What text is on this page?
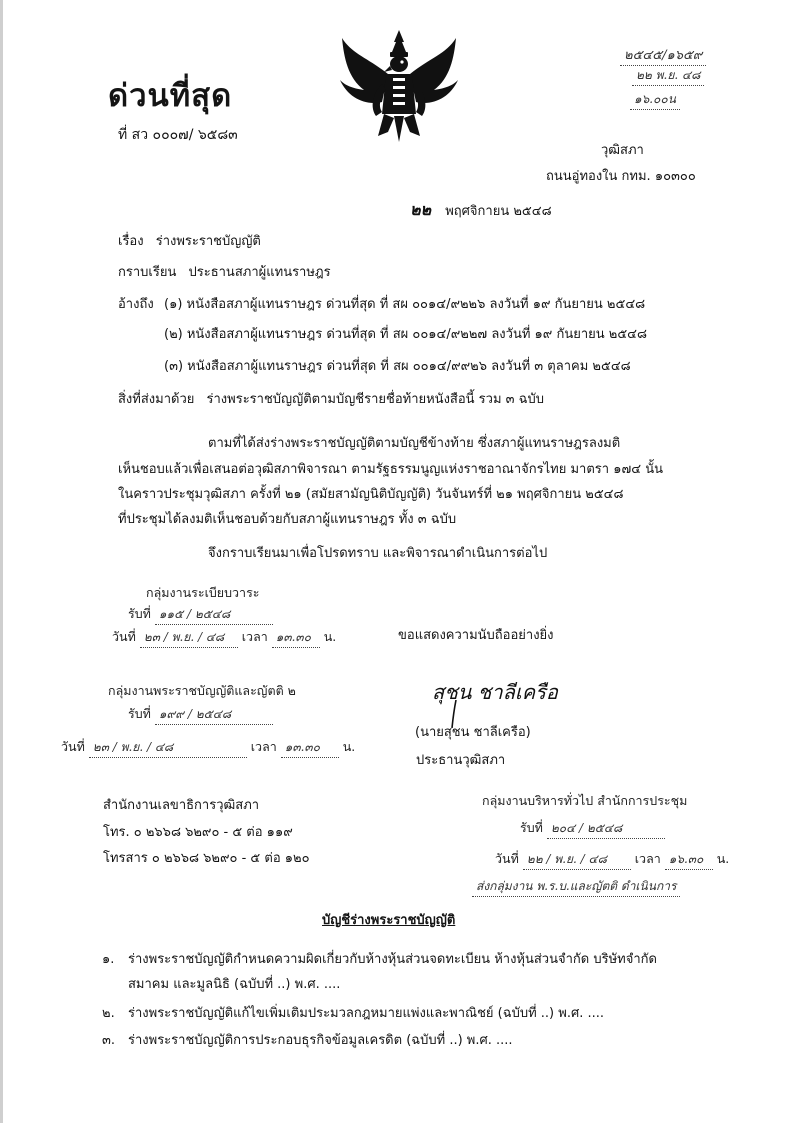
ด่วนที่สุด
ที่ สว ๐๐๐๗/ ๖๕๘๓
๒๕๔๕/๑๖๕๙
๒๒ พ.ย. ๔๘
๑๖.๐๐น
วุฒิสภา
ถนนอู่ทองใน กทม. ๑๐๓๐๐
๒๒ พฤศจิกายน ๒๕๔๘
เรื่อง ร่างพระราชบัญญัติ
กราบเรียน ประธานสภาผู้แทนราษฎร
อ้างถึง (๑) หนังสือสภาผู้แทนราษฎร ด่วนที่สุด ที่ สผ ๐๐๑๔/๙๒๒๖ ลงวันที่ ๑๙ กันยายน ๒๕๔๘
(๒) หนังสือสภาผู้แทนราษฎร ด่วนที่สุด ที่ สผ ๐๐๑๔/๙๒๒๗ ลงวันที่ ๑๙ กันยายน ๒๕๔๘
(๓) หนังสือสภาผู้แทนราษฎร ด่วนที่สุด ที่ สผ ๐๐๑๔/๙๙๒๖ ลงวันที่ ๓ ตุลาคม ๒๕๔๘
สิ่งที่ส่งมาด้วย ร่างพระราชบัญญัติตามบัญชีรายชื่อท้ายหนังสือนี้ รวม ๓ ฉบับ
ตามที่ได้ส่งร่างพระราชบัญญัติตามบัญชีข้างท้าย ซึ่งสภาผู้แทนราษฎรลงมติ
เห็นชอบแล้วเพื่อเสนอต่อวุฒิสภาพิจารณา ตามรัฐธรรมนูญแห่งราชอาณาจักรไทย มาตรา ๑๗๔ นั้น
ในคราวประชุมวุฒิสภา ครั้งที่ ๒๑ (สมัยสามัญนิติบัญญัติ) วันจันทร์ที่ ๒๑ พฤศจิกายน ๒๕๔๘
ที่ประชุมได้ลงมติเห็นชอบด้วยกับสภาผู้แทนราษฎร ทั้ง ๓ ฉบับ
จึงกราบเรียนมาเพื่อโปรดทราบ และพิจารณาดำเนินการต่อไป
กลุ่มงานระเบียบวาระ
รับที่ ๑๑๕ / ๒๕๔๘
วันที่ ๒๓ / พ.ย. / ๔๘ เวลา ๑๓.๓๐ น.	ขอแสดงความนับถืออย่างยิ่ง
สุชน ชาลีเครือ
(นายสุชน ชาลีเครือ)
ประธานวุฒิสภา
กลุ่มงานพระราชบัญญัติและญัตติ ๒
รับที่ ๑๙๙ / ๒๕๔๘
วันที่ ๒๓ / พ.ย. / ๔๘	เวลา ๑๓.๓๐ น.
กลุ่มงานบริหารทั่วไป สำนักการประชุม
รับที่ ๒๐๔ / ๒๕๔๘
วันที่ ๒๒ / พ.ย. / ๔๘ เวลา ๑๖.๓๐ น.
ส่งกลุ่มงาน พ.ร.บ.และญัตติ ดำเนินการ
สำนักงานเลขาธิการวุฒิสภา
โทร. ๐ ๒๖๖๘ ๖๒๙๐ - ๕ ต่อ ๑๑๙
โทรสาร ๐ ๒๖๖๘ ๖๒๙๐ - ๕ ต่อ ๑๒๐
บัญชีร่างพระราชบัญญัติ
๑. ร่างพระราชบัญญัติกำหนดความผิดเกี่ยวกับห้างหุ้นส่วนจดทะเบียน ห้างหุ้นส่วนจำกัด บริษัทจำกัด
สมาคม และมูลนิธิ (ฉบับที่ ..) พ.ศ. ....
๒. ร่างพระราชบัญญัติแก้ไขเพิ่มเติมประมวลกฎหมายแพ่งและพาณิชย์ (ฉบับที่ ..) พ.ศ. ....
๓. ร่างพระราชบัญญัติการประกอบธุรกิจข้อมูลเครดิต (ฉบับที่ ..) พ.ศ. ....
